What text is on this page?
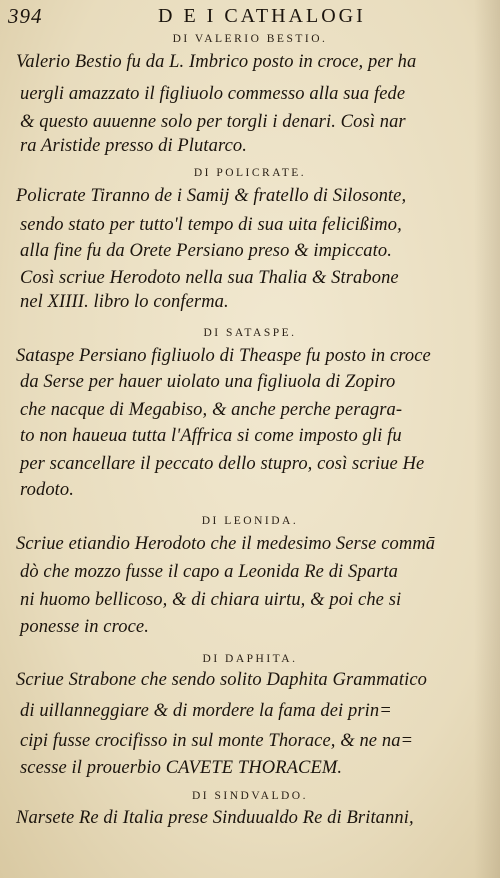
394	D E I CATHALOGI
DI VALERIO BESTIO.
Valerio Bestio fu da L. Imbrico posto in croce, per ha
uergli amazzato il figliuolo commesso alla sua fede
& questo auuenne solo per torgli i denari. Così nar
ra Aristide presso di Plutarco.
DI POLICRATE.
Policrate Tiranno de i Samij & fratello di Silosonte,
sendo stato per tutto'l tempo di sua uita felicißimo,
alla fine fu da Orete Persiano preso & impiccato.
Così scriue Herodoto nella sua Thalia & Strabone
nel XIIII. libro lo conferma.
DI SATASPE.
Sataspe Persiano figliuolo di Theaspe fu posto in croce
da Serse per hauer uiolato una figliuola di Zopiro
che nacque di Megabiso, & anche perche peragra-
to non haueua tutta l'Affrica si come imposto gli fu
per scancellare il peccato dello stupro, così scriue He
rodoto.
DI LEONIDA.
Scriue etiandio Herodoto che il medesimo Serse commā
dò che mozzo fusse il capo a Leonida Re di Sparta
ni huomo bellicoso, & di chiara uirtu, & poi che si
ponesse in croce.
DI DAPHITA.
Scriue Strabone che sendo solito Daphita Grammatico
di uillanneggiare & di mordere la fama dei prin=
cipi fusse crocifisso in sul monte Thorace, & ne na=
scesse il prouerbio CAVETE THORACEM.
DI SINDVALDO.
Narsete Re di Italia prese Sinduualdo Re di Britanni,
